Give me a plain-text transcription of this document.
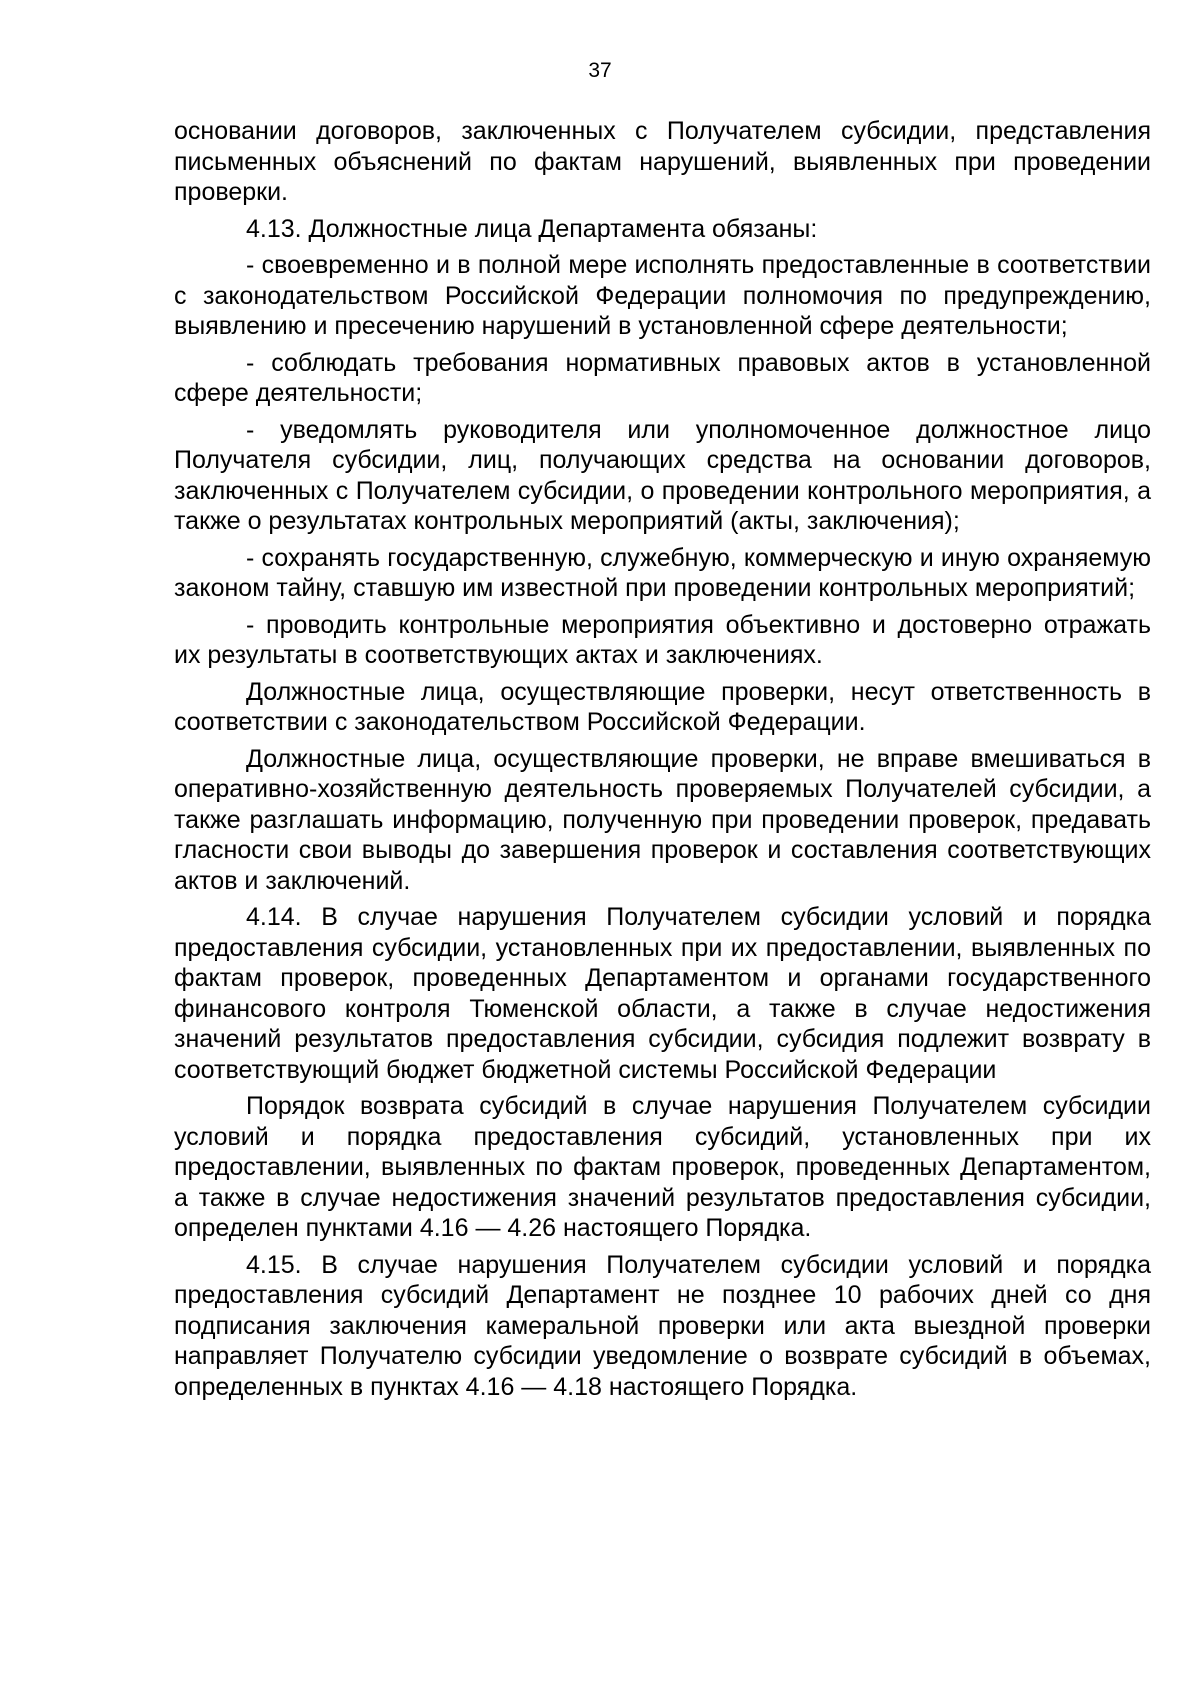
37

основании договоров, заключенных с Получателем субсидии, представления письменных объяснений по фактам нарушений, выявленных при проведении проверки.

4.13. Должностные лица Департамента обязаны:

- своевременно и в полной мере исполнять предоставленные в соответствии с законодательством Российской Федерации полномочия по предупреждению, выявлению и пресечению нарушений в установленной сфере деятельности;

- соблюдать требования нормативных правовых актов в установленной сфере деятельности;

- уведомлять руководителя или уполномоченное должностное лицо Получателя субсидии, лиц, получающих средства на основании договоров, заключенных с Получателем субсидии, о проведении контрольного мероприятия, а также о результатах контрольных мероприятий (акты, заключения);

- сохранять государственную, служебную, коммерческую и иную охраняемую законом тайну, ставшую им известной при проведении контрольных мероприятий;

- проводить контрольные мероприятия объективно и достоверно отражать их результаты в соответствующих актах и заключениях.

Должностные лица, осуществляющие проверки, несут ответственность в соответствии с законодательством Российской Федерации.

Должностные лица, осуществляющие проверки, не вправе вмешиваться в оперативно-хозяйственную деятельность проверяемых Получателей субсидии, а также разглашать информацию, полученную при проведении проверок, предавать гласности свои выводы до завершения проверок и составления соответствующих актов и заключений.

4.14. В случае нарушения Получателем субсидии условий и порядка предоставления субсидии, установленных при их предоставлении, выявленных по фактам проверок, проведенных Департаментом и органами государственного финансового контроля Тюменской области, а также в случае недостижения значений результатов предоставления субсидии, субсидия подлежит возврату в соответствующий бюджет бюджетной системы Российской Федерации

Порядок возврата субсидий в случае нарушения Получателем субсидии условий и порядка предоставления субсидий, установленных при их предоставлении, выявленных по фактам проверок, проведенных Департаментом, а также в случае недостижения значений результатов предоставления субсидии, определен пунктами 4.16 — 4.26 настоящего Порядка.

4.15. В случае нарушения Получателем субсидии условий и порядка предоставления субсидий Департамент не позднее 10 рабочих дней со дня подписания заключения камеральной проверки или акта выездной проверки направляет Получателю субсидии уведомление о возврате субсидий в объемах, определенных в пунктах 4.16 — 4.18 настоящего Порядка.
